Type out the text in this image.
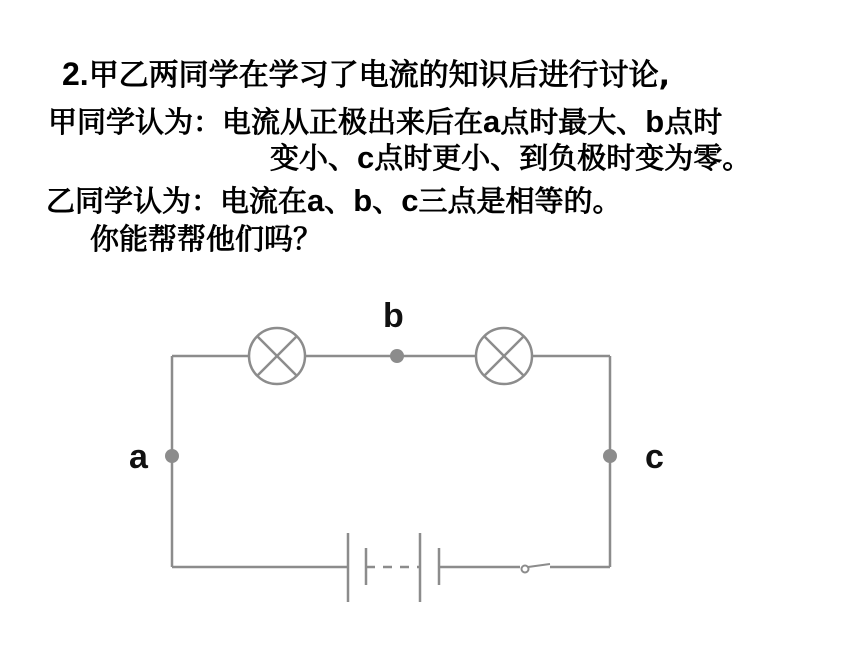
2.甲乙两同学在学习了电流的知识后进行讨论,
甲同学认为：电流从正极出来后在a点时最大、b点时
变小、c点时更小、到负极时变为零。
乙同学认为：电流在a、b、c三点是相等的。
你能帮帮他们吗？
a
b
c
